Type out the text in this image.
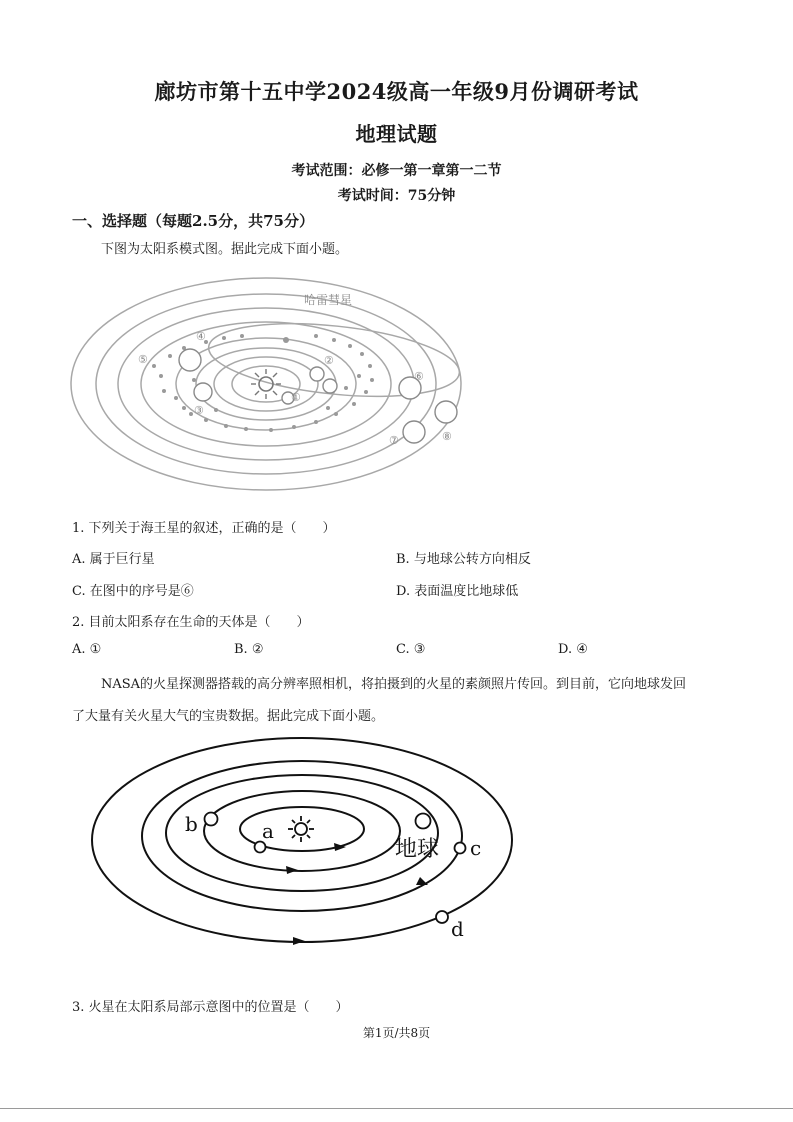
廊坊市第十五中学2024级高一年级9月份调研考试
地理试题
考试范围：必修一第一章第一二节
考试时间：75分钟
一、选择题（每题2.5分，共75分）
下图为太阳系模式图。据此完成下面小题。
①
②
③
④
⑤
⑥
⑦	⑧
哈雷彗星
1. 下列关于海王星的叙述，正确的是（　　）
A. 属于巨行星	B. 与地球公转方向相反
C. 在图中的序号是⑥	D. 表面温度比地球低
2. 目前太阳系存在生命的天体是（　　）
A. ①	B. ②	C. ③	D. ④
NASA的火星探测器搭载的高分辨率照相机，将拍摄到的火星的素颜照片传回。到目前，它向地球发回
了大量有关火星大气的宝贵数据。据此完成下面小题。
a
b
c
d
地球
3. 火星在太阳系局部示意图中的位置是（　　）
第1页/共8页
